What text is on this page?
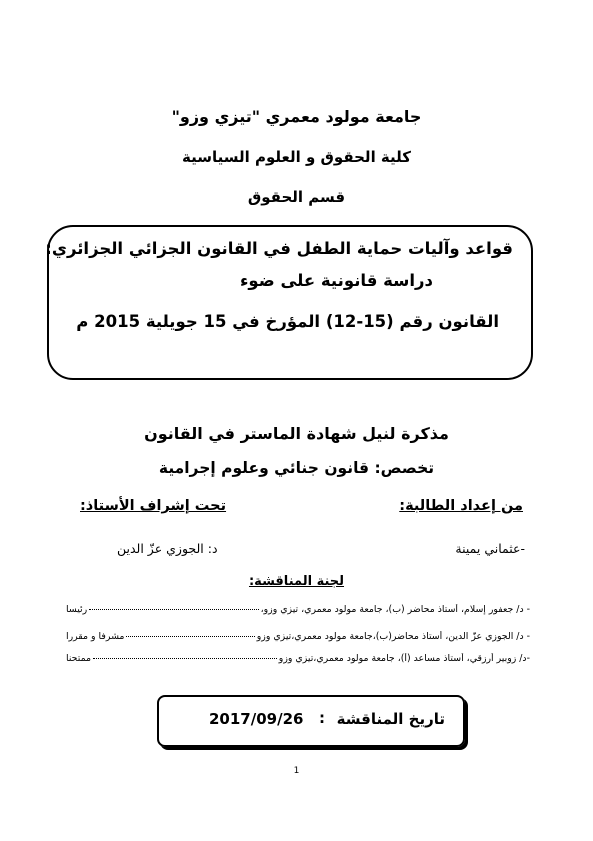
جامعة مولود معمري "تيزي وزو"
كلية الحقوق و العلوم السياسية
قسم الحقوق
قواعد وآليات حماية الطفل في القانون الجزائي الجزائري:
دراسة قانونية على ضوء
القانون رقم (15-12) المؤرخ في 15 جويلية 2015 م
مذكرة لنيل شهادة الماستر في القانون
تخصص: قانون جنائي وعلوم إجرامية
من إعداد الطالبة:
تحت إشراف الأستاذ:
-عثماني يمينة
د: الجوزي عزّ الدين
لجنة المناقشة:
- د/ جعفور إسلام، أستاذ محاضر (ب)، جامعة مولود معمري، تيزي وزو،
رئيسا
- د/ الجوزي عزّ الدين، أستاذ محاضر(ب)،جامعة مولود معمري،تيزي وزو
مشرفا و مقررا
-د/ زوبير أرزقي، أستاذ مساعد (أ)، جامعة مولود معمري،تيزي وزو
ممتحنا
تاريخ المناقشة
:
2017/09/26
1
